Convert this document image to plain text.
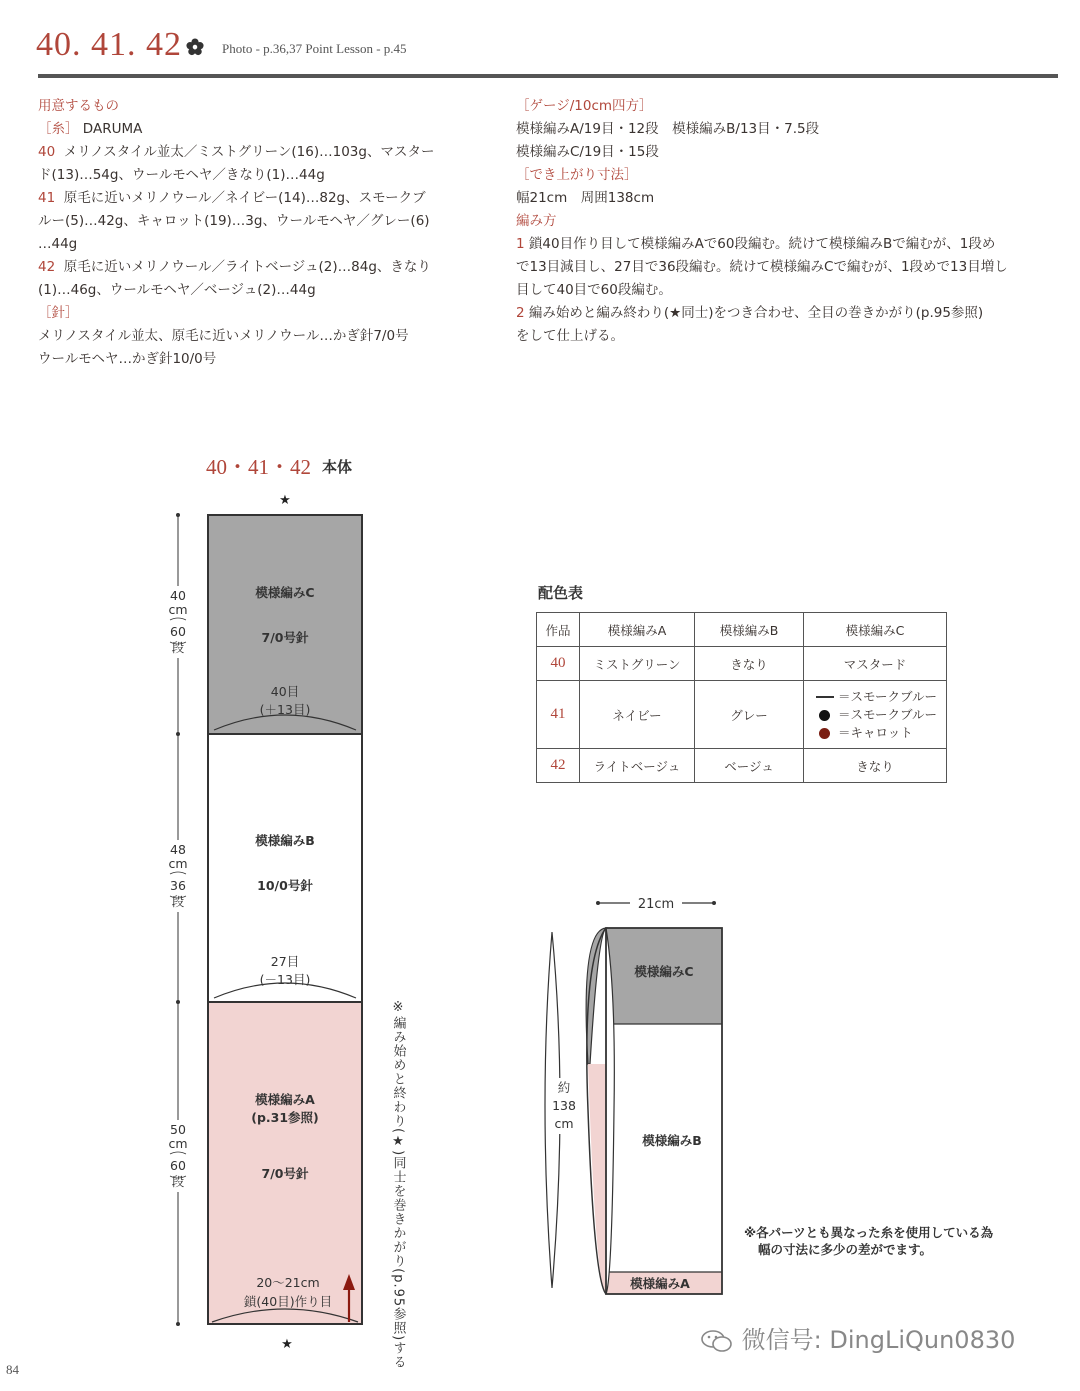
40. 41. 42	Photo - p.36,37 Point Lesson - p.45
用意するもの
［糸］ DARUMA
40 メリノスタイル並太／ミストグリーン(16)…103g、マスター
ド(13)…54g、ウールモヘヤ／きなり(1)…44g
41 原毛に近いメリノウール／ネイビー(14)…82g、スモークブ
ルー(5)…42g、キャロット(19)…3g、ウールモヘヤ／グレー(6)
…44g
42 原毛に近いメリノウール／ライトベージュ(2)…84g、きなり
(1)…46g、ウールモヘヤ／ベージュ(2)…44g
［針］
メリノスタイル並太、原毛に近いメリノウール…かぎ針7/0号
ウールモヘヤ…かぎ針10/0号
［ゲージ/10cm四方］
模様編みA/19目・12段　模様編みB/13目・7.5段
模様編みC/19目・15段
［でき上がり寸法］
幅21cm　周囲138cm
編み方
1 鎖40目作り目して模様編みAで60段編む。続けて模様編みBで編むが、1段め
で13目減目し、27目で36段編む。続けて模様編みCで編むが、1段めで13目増し
目して40目で60段編む。
2 編み始めと編み終わり(★同士)をつき合わせ、全目の巻きかがり(p.95参照)
をして仕上げる。
40・41・42 本体
★
★
模様編みC
7/0号針
40目
(＋13目)
模様編みB
10/0号針
27目
(－13目)
模様編みA
(p.31参照)
7/0号針
20～21cm
鎖(40目)作り目
40
cm
60
段
48
cm
36
段
50
cm
60
段	※編み始めと終わり(★)同士を巻きかがり(p.95参照)する
21cm
模様編みC
模様編みB
模様編みA
約
138
cm
※各パーツとも異なった糸を使用している為
幅の寸法に多少の差がでます。
配色表
作品	模様編みA	模様編みB	模様編みC
40	ミストグリーン	きなり	マスタード
41	ネイビー	グレー	＝スモークブルー
＝スモークブルー
＝キャロット

42	ライトベージュ	ベージュ	きなり
微信号: DingLiQun0830
84
